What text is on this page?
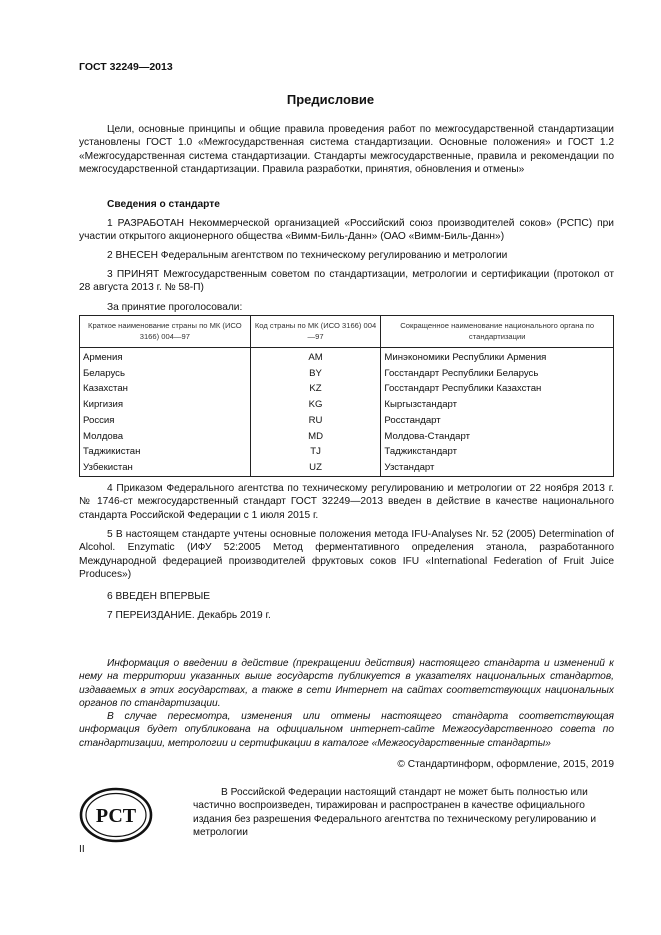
ГОСТ 32249—2013
Предисловие
Цели, основные принципы и общие правила проведения работ по межгосударственной стандартизации установлены ГОСТ 1.0 «Межгосударственная система стандартизации. Основные положения» и ГОСТ 1.2 «Межгосударственная система стандартизации. Стандарты межгосударственные, правила и рекомендации по межгосударственной стандартизации. Правила разработки, принятия, обновления и отмены»
Сведения о стандарте
1 РАЗРАБОТАН Некоммерческой организацией «Российский союз производителей соков» (РСПС) при участии открытого акционерного общества «Вимм-Биль-Данн» (ОАО «Вимм-Биль-Данн»)
2 ВНЕСЕН Федеральным агентством по техническому регулированию и метрологии
3 ПРИНЯТ Межгосударственным советом по стандартизации, метрологии и сертификации (протокол от 28 августа 2013 г. № 58-П)
За принятие проголосовали:
Краткое наименование страны по МК (ИСО 3166) 004—97	Код страны по МК (ИСО 3166) 004—97	Сокращенное наименование национального органа по стандартизации
Армения	AM	Минэкономики Республики Армения
Беларусь	BY	Госстандарт Республики Беларусь
Казахстан	KZ	Госстандарт Республики Казахстан
Киргизия	KG	Кыргызстандарт
Россия	RU	Росстандарт
Молдова	MD	Молдова-Стандарт
Таджикистан	TJ	Таджикстандарт
Узбекистан	UZ	Узстандарт
4 Приказом Федерального агентства по техническому регулированию и метрологии от 22 ноября 2013 г. № 1746-ст межгосударственный стандарт ГОСТ 32249—2013 введен в действие в качестве национального стандарта Российской Федерации с 1 июля 2015 г.
5 В настоящем стандарте учтены основные положения метода IFU-Analyses Nr. 52 (2005) Determination of Alcohol. Enzymatic (ИФУ 52:2005 Метод ферментативного определения этанола, разработанного Международной федерацией производителей фруктовых соков IFU «International Federation of Fruit Juice Produces»)
6 ВВЕДЕН ВПЕРВЫЕ
7 ПЕРЕИЗДАНИЕ. Декабрь 2019 г.
Информация о введении в действие (прекращении действия) настоящего стандарта и изменений к нему на территории указанных выше государств публикуется в указателях национальных стандартов, издаваемых в этих государствах, а также в сети Интернет на сайтах соответствующих национальных органов по стандартизации.
В случае пересмотра, изменения или отмены настоящего стандарта соответствующая информация будет опубликована на официальном интернет-сайте Межгосударственного совета по стандартизации, метрологии и сертификации в каталоге «Межгосударственные стандарты»
© Стандартинформ, оформление, 2015, 2019
РСТ
В Российской Федерации настоящий стандарт не может быть полностью или частично воспроизведен, тиражирован и распространен в качестве официального издания без разрешения Федерального агентства по техническому регулированию и метрологии
II
